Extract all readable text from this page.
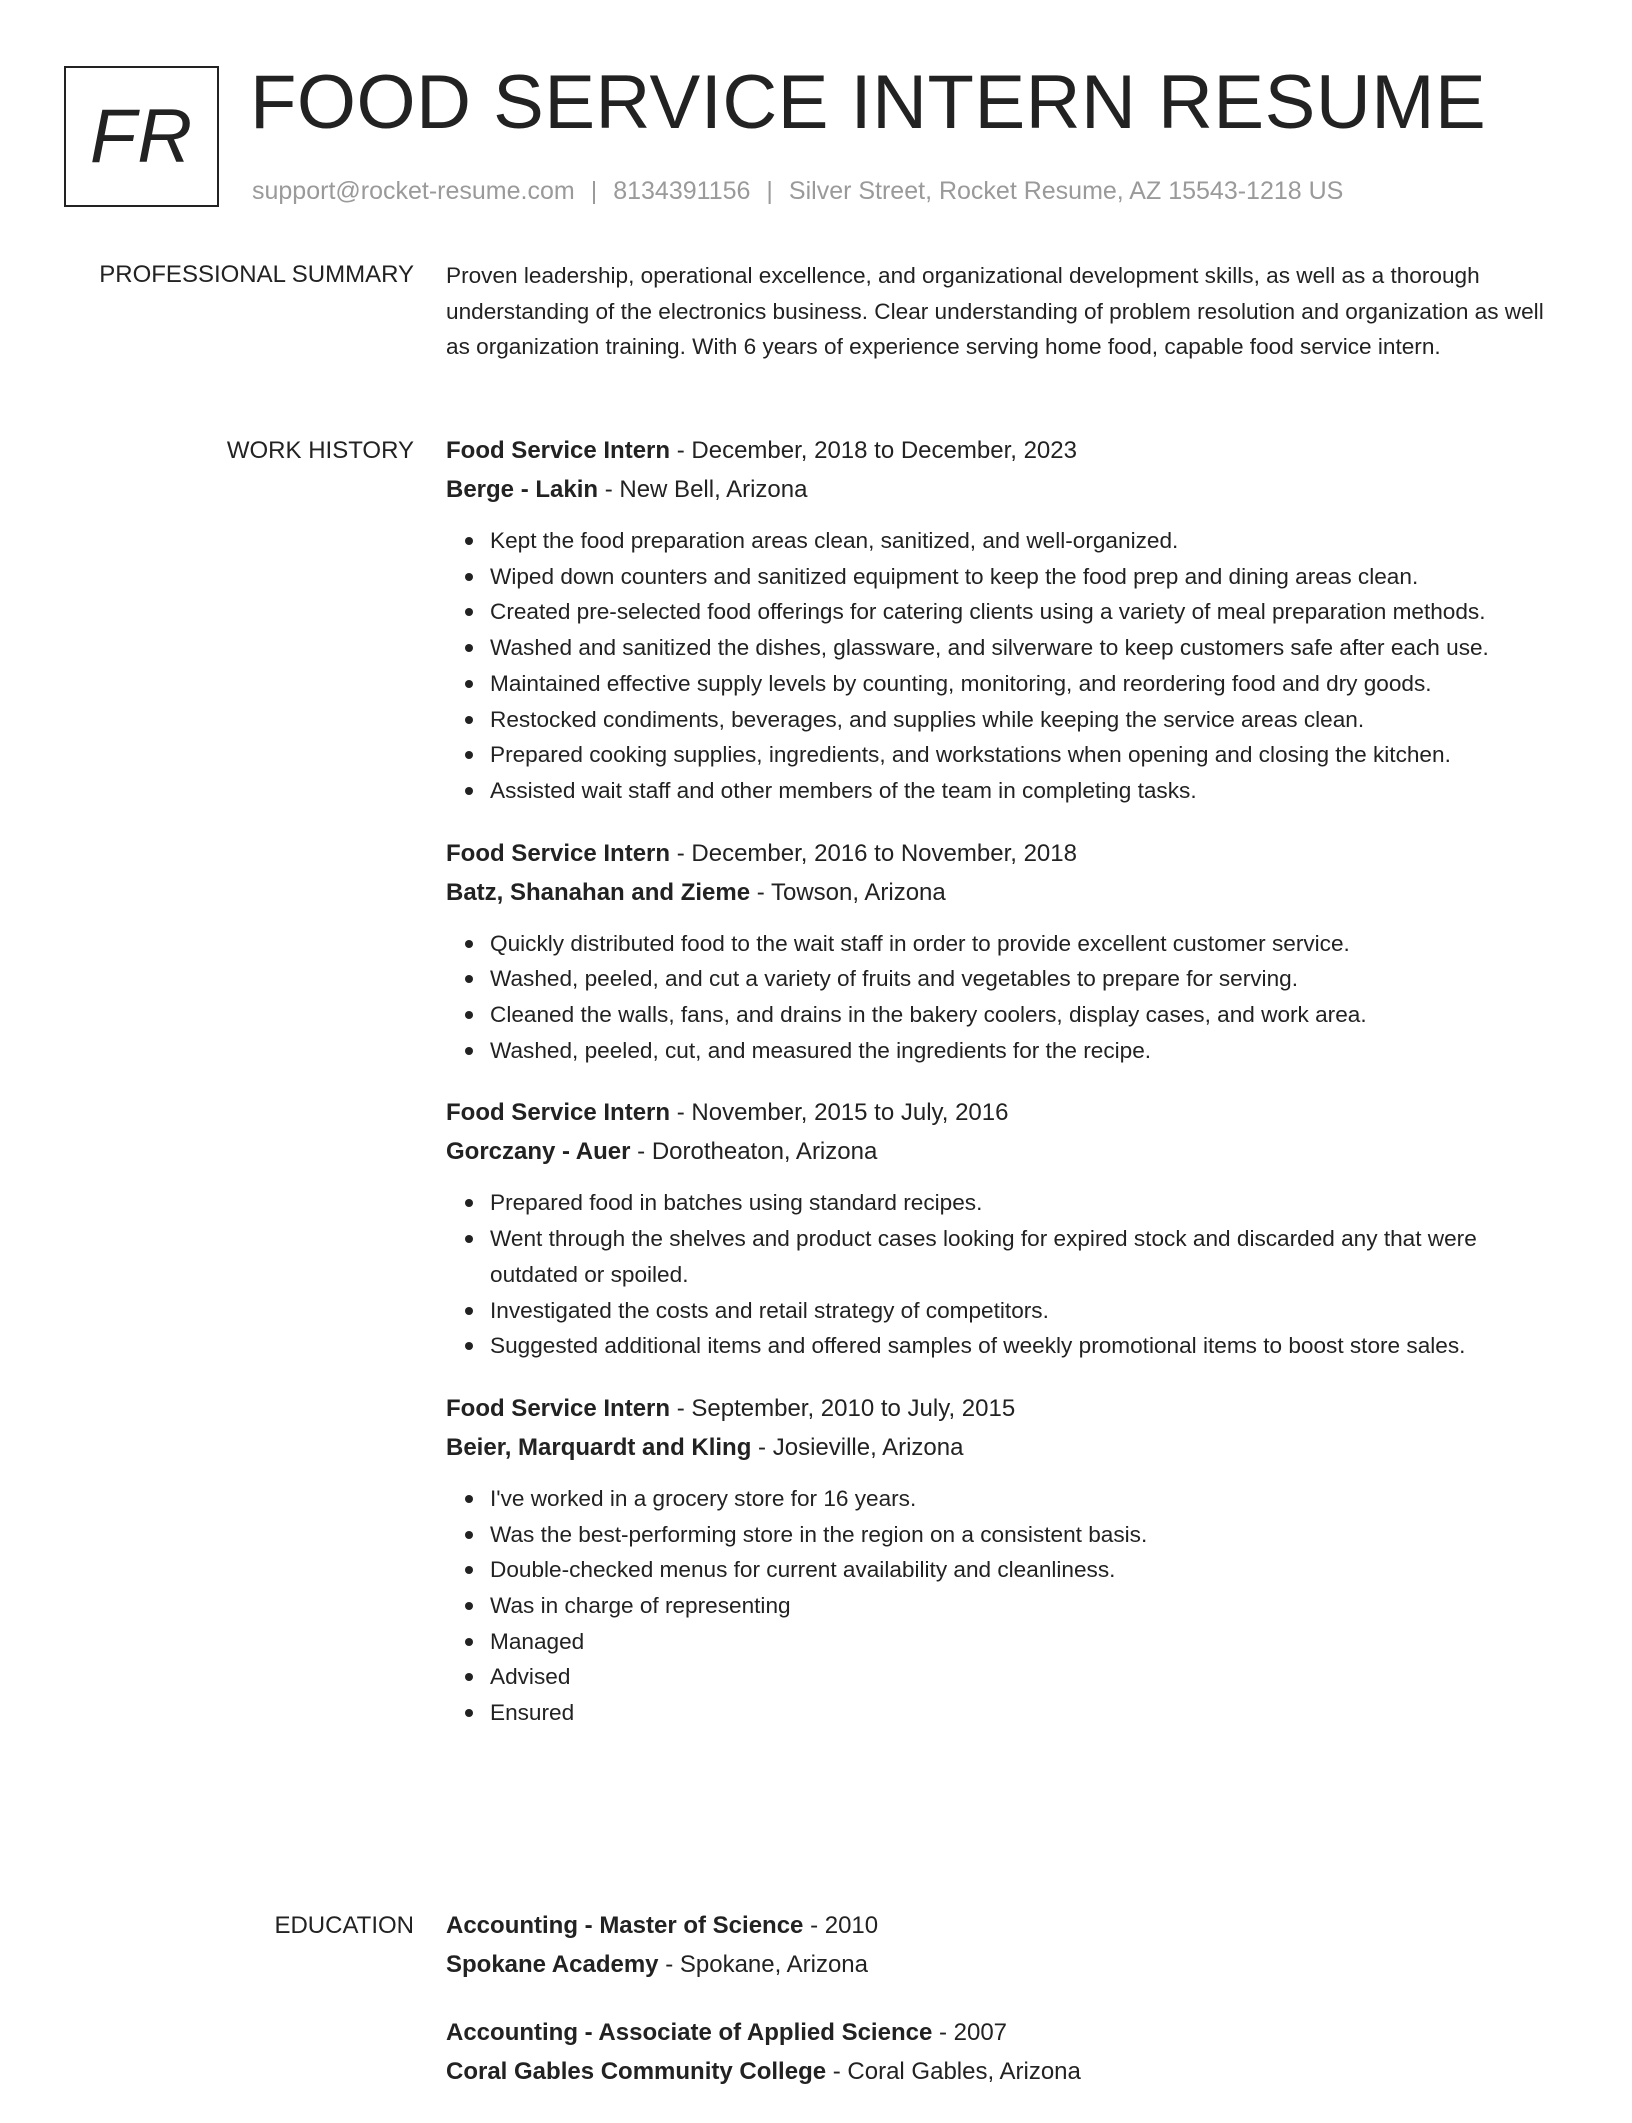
FR FOOD SERVICE INTERN RESUME
support@rocket-resume.com | 8134391156 | Silver Street, Rocket Resume, AZ 15543-1218 US
PROFESSIONAL SUMMARY Proven leadership, operational excellence, and organizational development skills, as well as a thorough understanding of the electronics business. Clear understanding of problem resolution and organization as well as organization training. With 6 years of experience serving home food, capable food service intern.

WORK HISTORY Food Service Intern - December, 2018 to December, 2023

Berge - Lakin - New Bell, Arizona

Kept the food preparation areas clean, sanitized, and well-organized.
Wiped down counters and sanitized equipment to keep the food prep and dining areas clean.
Created pre-selected food offerings for catering clients using a variety of meal preparation methods.
Washed and sanitized the dishes, glassware, and silverware to keep customers safe after each use.
Maintained effective supply levels by counting, monitoring, and reordering food and dry goods.
Restocked condiments, beverages, and supplies while keeping the service areas clean.
Prepared cooking supplies, ingredients, and workstations when opening and closing the kitchen.
Assisted wait staff and other members of the team in completing tasks.

Food Service Intern - December, 2016 to November, 2018

Batz, Shanahan and Zieme - Towson, Arizona

Quickly distributed food to the wait staff in order to provide excellent customer service.
Washed, peeled, and cut a variety of fruits and vegetables to prepare for serving.
Cleaned the walls, fans, and drains in the bakery coolers, display cases, and work area.
Washed, peeled, cut, and measured the ingredients for the recipe.

Food Service Intern - November, 2015 to July, 2016

Gorczany - Auer - Dorotheaton, Arizona

Prepared food in batches using standard recipes.
Went through the shelves and product cases looking for expired stock and discarded any that were outdated or spoiled.
Investigated the costs and retail strategy of competitors.
Suggested additional items and offered samples of weekly promotional items to boost store sales.

Food Service Intern - September, 2010 to July, 2015

Beier, Marquardt and Kling - Josieville, Arizona

I've worked in a grocery store for 16 years.
Was the best-performing store in the region on a consistent basis.
Double-checked menus for current availability and cleanliness.
Was in charge of representing
Managed
Advised
Ensured
EDUCATION Accounting - Master of Science - 2010

Spokane Academy - Spokane, Arizona

Accounting - Associate of Applied Science - 2007

Coral Gables Community College - Coral Gables, Arizona
